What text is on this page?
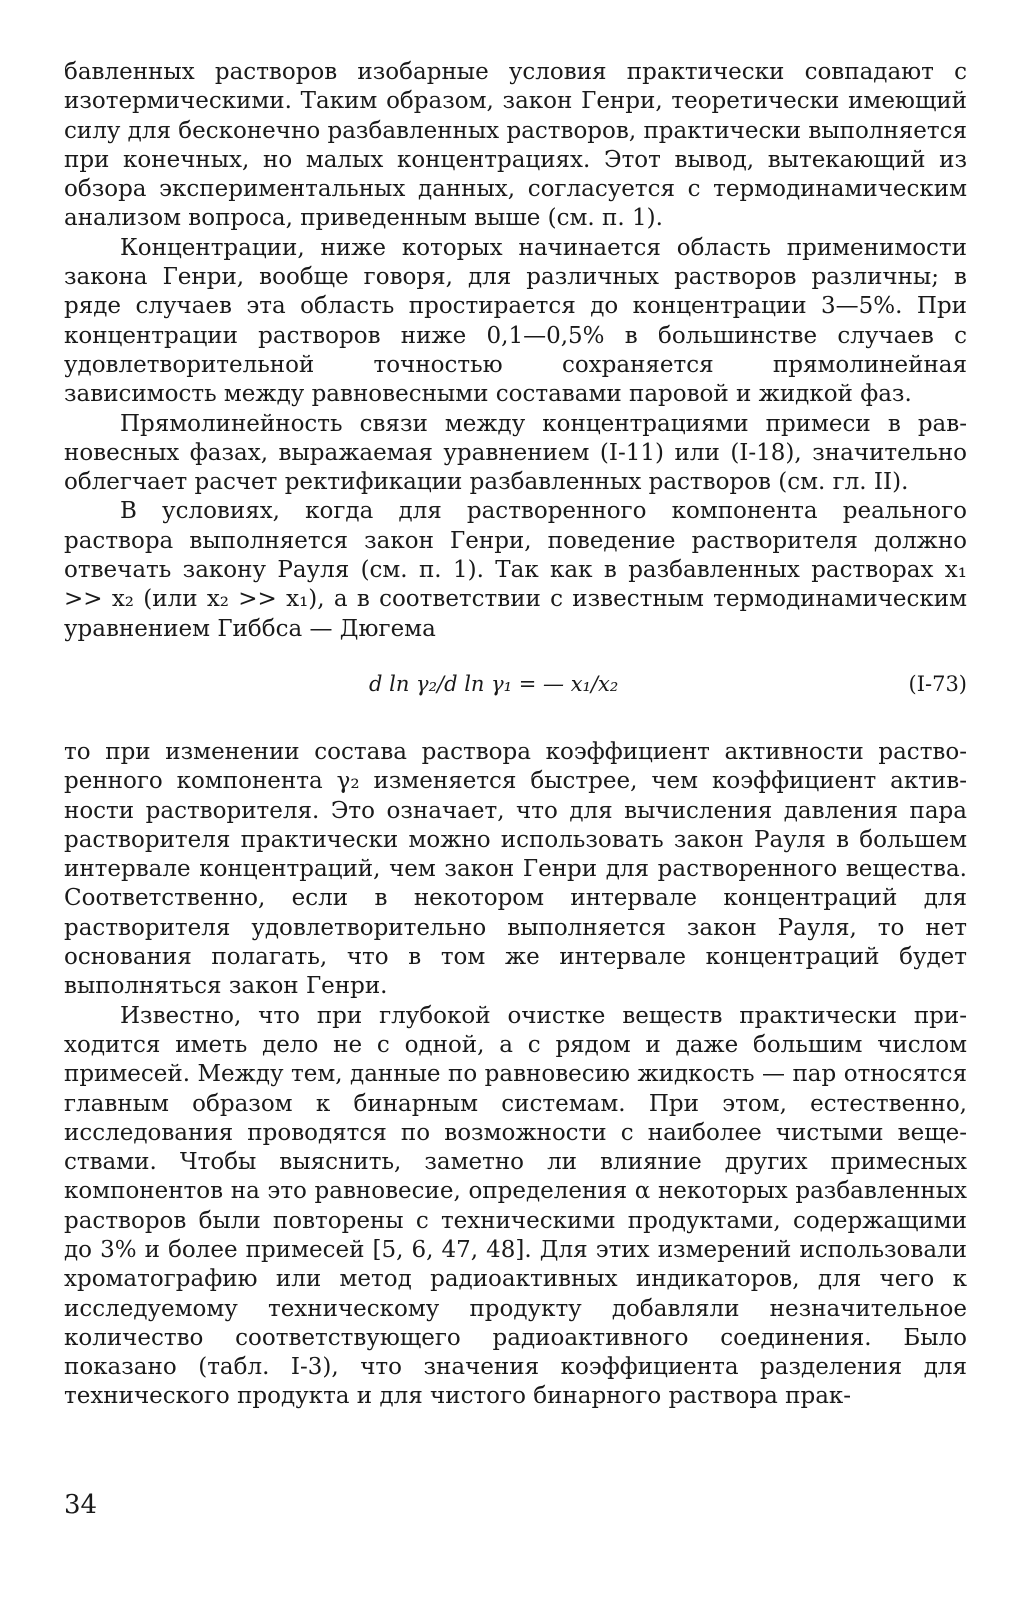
бавленных растворов изобарные условия практически совпадают с изотермическими. Таким образом, закон Генри, теоретически имеющий силу для бесконечно разбавленных растворов, практически выполняется при конечных, но малых концентрациях. Этот вывод, вытекающий из обзора экспериментальных данных, согласуется с термодинамическим анализом вопроса, приведенным выше (см. п. 1).

Концентрации, ниже которых начинается область применимости закона Генри, вообще говоря, для различных растворов различны; в ряде случаев эта область простирается до концентрации 3—5%. При концентрации растворов ниже 0,1—0,5% в большинстве случаев с удовлетворительной точностью сохраняется прямолинейная зависимость между равновесными составами паровой и жидкой фаз.

Прямолинейность связи между концентрациями примеси в равновесных фазах, выражаемая уравнением (I-11) или (I-18), значительно облегчает расчет ректификации разбавленных растворов (см. гл. II).

В условиях, когда для растворенного компонента реального раствора выполняется закон Генри, поведение растворителя должно отвечать закону Рауля (см. п. 1). Так как в разбавленных растворах x₁ >> x₂ (или x₂ >> x₁), а в соответствии с известным термодинамическим уравнением Гиббса — Дюгема

d ln γ₂/d ln γ₁ = — x₁/x₂	(I-73)

то при изменении состава раствора коэффициент активности растворенного компонента γ₂ изменяется быстрее, чем коэффициент активности растворителя. Это означает, что для вычисления давления пара растворителя практически можно использовать закон Рауля в большем интервале концентраций, чем закон Генри для растворенного вещества. Соответственно, если в некотором интервале концентраций для растворителя удовлетворительно выполняется закон Рауля, то нет основания полагать, что в том же интервале концентраций будет выполняться закон Генри.

Известно, что при глубокой очистке веществ практически приходится иметь дело не с одной, а с рядом и даже большим числом примесей. Между тем, данные по равновесию жидкость — пар относятся главным образом к бинарным системам. При этом, естественно, исследования проводятся по возможности с наиболее чистыми веществами. Чтобы выяснить, заметно ли влияние других примесных компонентов на это равновесие, определения α некоторых разбавленных растворов были повторены с техническими продуктами, содержащими до 3% и более примесей [5, 6, 47, 48]. Для этих измерений использовали хроматографию или метод радиоактивных индикаторов, для чего к исследуемому техническому продукту добавляли незначительное количество соответствующего радиоактивного соединения. Было показано (табл. I-3), что значения коэффициента разделения для технического продукта и для чистого бинарного раствора прак-

34
